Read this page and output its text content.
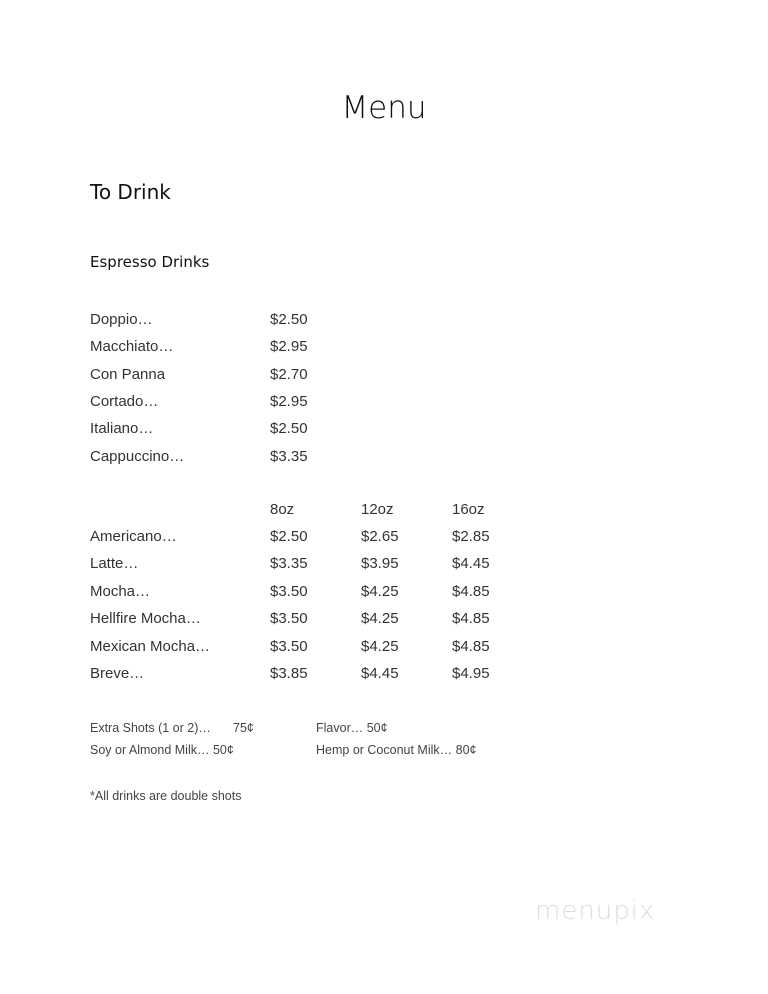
Menu
To Drink
Espresso Drinks
Doppio…	$2.50
Macchiato…	$2.95
Con Panna	$2.70
Cortado…	$2.95
Italiano…	$2.50
Cappuccino…	$3.35
8oz	12oz	16oz
Americano…	$2.50	$2.65	$2.85
Latte…	$3.35	$3.95	$4.45
Mocha…	$3.50	$4.25	$4.85
Hellfire Mocha…	$3.50	$4.25	$4.85
Mexican Mocha…	$3.50	$4.25	$4.85
Breve…	$3.85	$4.45	$4.95
Extra Shots (1 or 2)… 75¢	Flavor… 50¢
Soy or Almond Milk… 50¢	Hemp or Coconut Milk… 80¢
*All drinks are double shots
menupix
